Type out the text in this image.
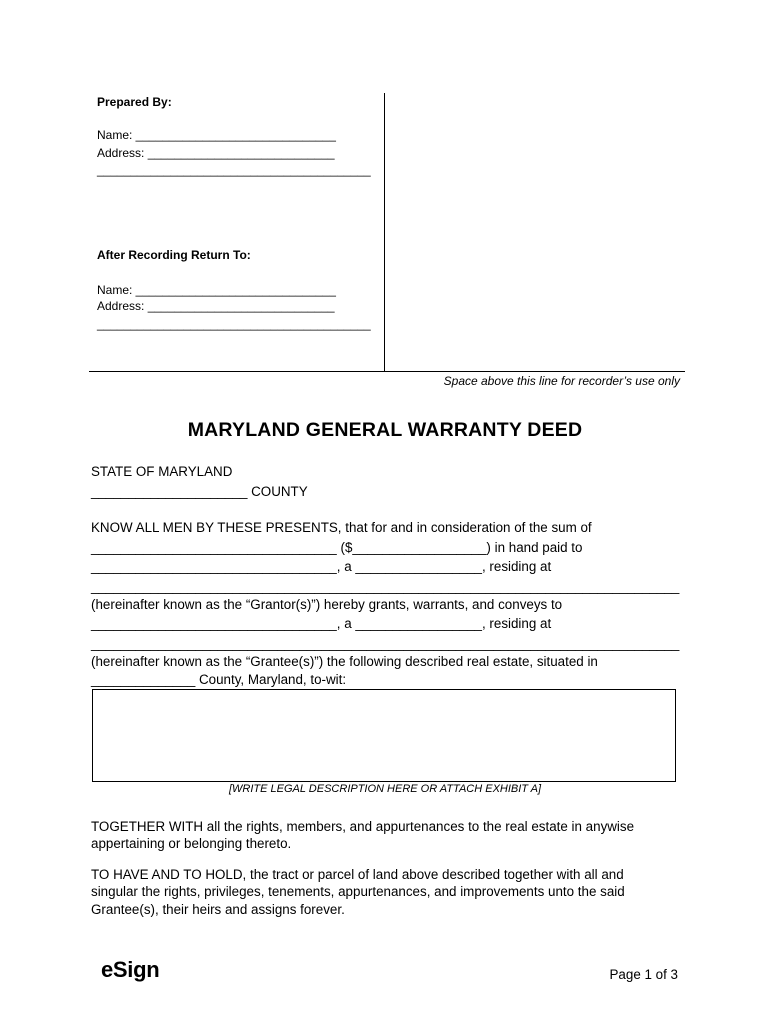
Prepared By:
Name: ______________________________
Address: ____________________________
_________________________________________
After Recording Return To:
Name: ______________________________
Address: ____________________________
_________________________________________
Space above this line for recorder’s use only
MARYLAND GENERAL WARRANTY DEED
STATE OF MARYLAND
_____________________ COUNTY
KNOW ALL MEN BY THESE PRESENTS, that for and in consideration of the sum of
_________________________________ ($__________________) in hand paid to
_________________________________, a _________________, residing at
_______________________________________________________________________________
(hereinafter known as the “Grantor(s)”) hereby grants, warrants, and conveys to
_________________________________, a _________________, residing at
_______________________________________________________________________________
(hereinafter known as the “Grantee(s)”) the following described real estate, situated in
______________ County, Maryland, to-wit:
[WRITE LEGAL DESCRIPTION HERE OR ATTACH EXHIBIT A]
TOGETHER WITH all the rights, members, and appurtenances to the real estate in anywise
appertaining or belonging thereto.
TO HAVE AND TO HOLD, the tract or parcel of land above described together with all and
singular the rights, privileges, tenements, appurtenances, and improvements unto the said
Grantee(s), their heirs and assigns forever.
eSign	Page 1 of 3
